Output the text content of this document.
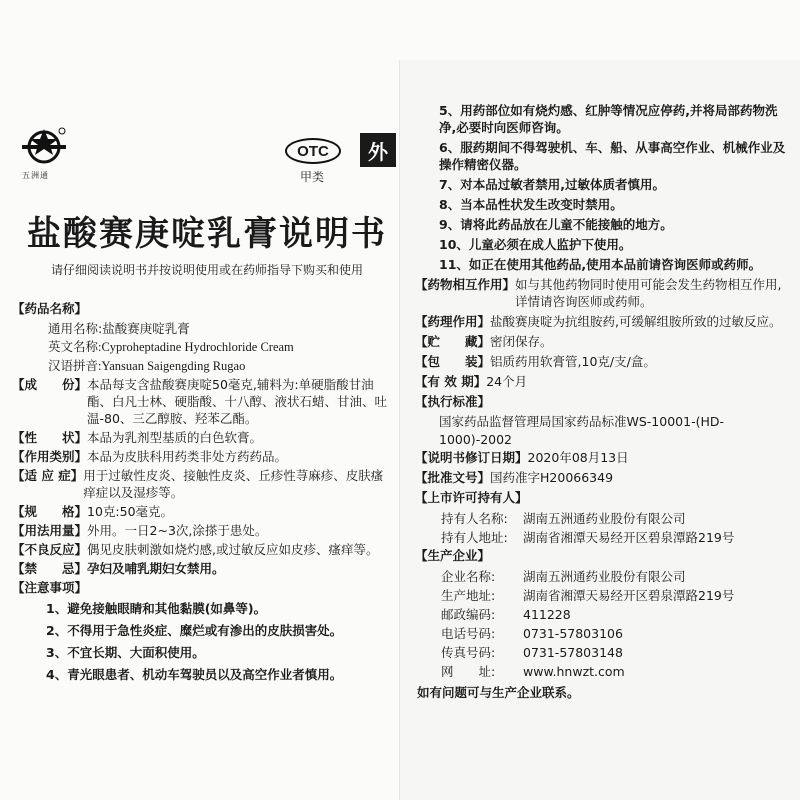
五洲通
OTC
甲类
外
盐酸赛庚啶乳膏说明书
请仔细阅读说明书并按说明使用或在药师指导下购买和使用
【药品名称】
通用名称:盐酸赛庚啶乳膏
英文名称:Cyproheptadine Hydrochloride Cream
汉语拼音:Yansuan Saigengding Rugao
【成　　份】 本品每支含盐酸赛庚啶50毫克,辅料为:单硬脂酸甘油酯、白凡士林、硬脂酸、十八醇、液状石蜡、甘油、吐温-80、三乙醇胺、羟苯乙酯。
【性　　状】 本品为乳剂型基质的白色软膏。
【作用类别】 本品为皮肤科用药类非处方药药品。
【适 应 症】 用于过敏性皮炎、接触性皮炎、丘疹性荨麻疹、皮肤瘙痒症以及湿疹等。
【规　　格】 10克:50毫克。
【用法用量】 外用。一日2~3次,涂搽于患处。
【不良反应】 偶见皮肤刺激如烧灼感,或过敏反应如皮疹、瘙痒等。
【禁　　忌】 孕妇及哺乳期妇女禁用。
【注意事项】
1、避免接触眼睛和其他黏膜(如鼻等)。
2、不得用于急性炎症、糜烂或有渗出的皮肤损害处。
3、不宜长期、大面积使用。
4、青光眼患者、机动车驾驶员以及高空作业者慎用。
5、用药部位如有烧灼感、红肿等情况应停药,并将局部药物洗净,必要时向医师咨询。
6、服药期间不得驾驶机、车、船、从事高空作业、机械作业及操作精密仪器。
7、对本品过敏者禁用,过敏体质者慎用。
8、当本品性状发生改变时禁用。
9、请将此药品放在儿童不能接触的地方。
10、儿童必须在成人监护下使用。
11、如正在使用其他药品,使用本品前请咨询医师或药师。
【药物相互作用】 如与其他药物同时使用可能会发生药物相互作用,详情请咨询医师或药师。
【药理作用】 盐酸赛庚啶为抗组胺药,可缓解组胺所致的过敏反应。
【贮　　藏】 密闭保存。
【包　　装】 铝质药用软膏管,10克/支/盒。
【有 效 期】 24个月
【执行标准】
国家药品监督管理局国家药品标准WS-10001-(HD-1000)-2002
【说明书修订日期】 2020年08月13日
【批准文号】 国药准字H20066349
【上市许可持有人】
持有人名称: 湖南五洲通药业股份有限公司
持有人地址: 湖南省湘潭天易经开区碧泉潭路219号
【生产企业】
企业名称: 湖南五洲通药业股份有限公司
生产地址: 湖南省湘潭天易经开区碧泉潭路219号
邮政编码: 411228
电话号码: 0731-57803106
传真号码: 0731-57803148
网　　址: www.hnwzt.com
如有问题可与生产企业联系。
